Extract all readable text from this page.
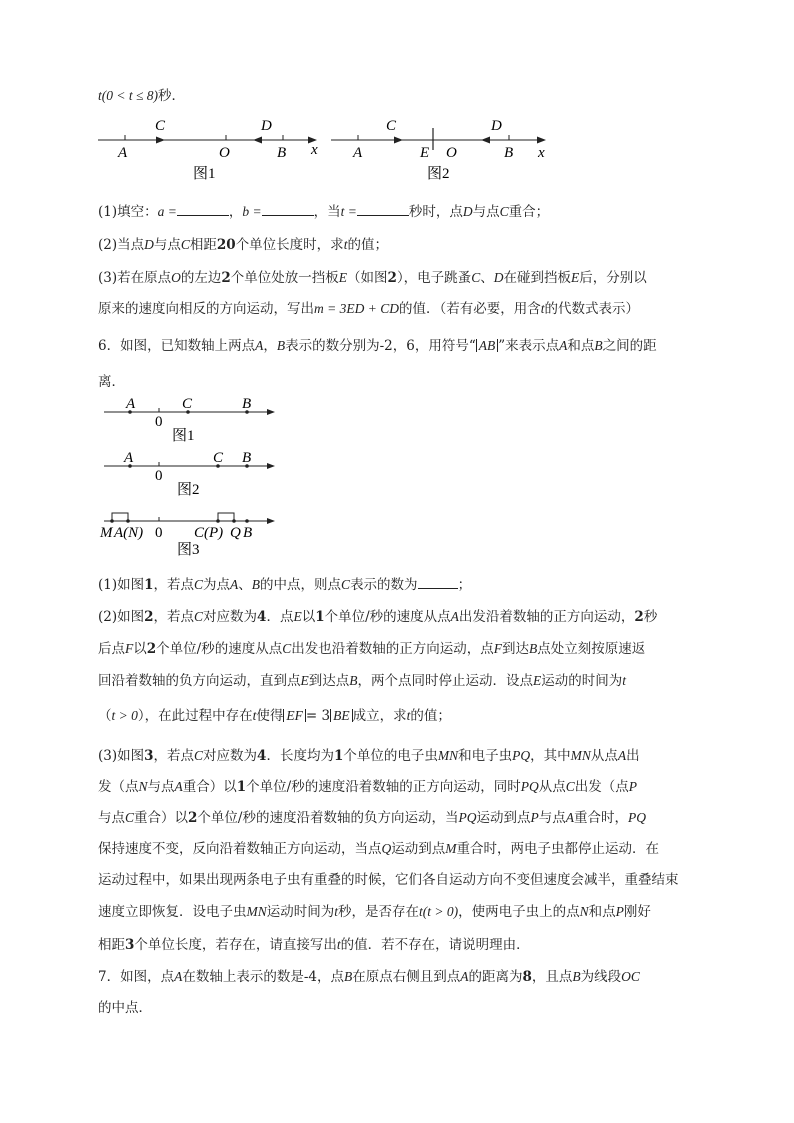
t(0 < t ≤ 8)秒．
A
C
O
D
B x
图1
A
C
E O
D
B x
图2
(1)填空：a =	，b =	，当t =	秒时，点D与点C重合；
(2)当点D与点C相距20个单位长度时，求t的值；
(3)若在原点O的左边2个单位处放一挡板E（如图2），电子跳蚤C、D在碰到挡板E后，分别以
原来的速度向相反的方向运动，写出m = 3ED + CD的值．（若有必要，用含t的代数式表示）
6．如图，已知数轴上两点A，B表示的数分别为-2，6，用符号“ AB ”来表示点A和点B之间的距
离．
A	C	B
0
图1
A	C B
0
图2
M A(N) 0 C(P) Q B
图3
(1)如图1，若点C为点A、B的中点，则点C表示的数为	；
(2)如图2，若点C对应数为4．点E以1个单位/秒的速度从点A出发沿着数轴的正方向运动，2秒
后点F以2个单位/秒的速度从点C出发也沿着数轴的正方向运动，点F到达B点处立刻按原速返
回沿着数轴的负方向运动，直到点E到达点B，两个点同时停止运动．设点E运动的时间为t
（t > 0），在此过程中存在t使得 EF = 3 BE 成立，求t的值；
(3)如图3，若点C对应数为4．长度均为1个单位的电子虫MN和电子虫PQ，其中MN从点A出
发（点N与点A重合）以1个单位/秒的速度沿着数轴的正方向运动，同时PQ从点C出发（点P
与点C重合）以2个单位/秒的速度沿着数轴的负方向运动，当PQ运动到点P与点A重合时，PQ
保持速度不变，反向沿着数轴正方向运动，当点Q运动到点M重合时，两电子虫都停止运动．在
运动过程中，如果出现两条电子虫有重叠的时候，它们各自运动方向不变但速度会减半，重叠结束
速度立即恢复．设电子虫MN运动时间为t秒，是否存在t(t > 0)，使两电子虫上的点N和点P刚好
相距3个单位长度，若存在，请直接写出t的值．若不存在，请说明理由．
7．如图，点A在数轴上表示的数是-4，点B在原点右侧且到点A的距离为8，且点B为线段OC
的中点．
